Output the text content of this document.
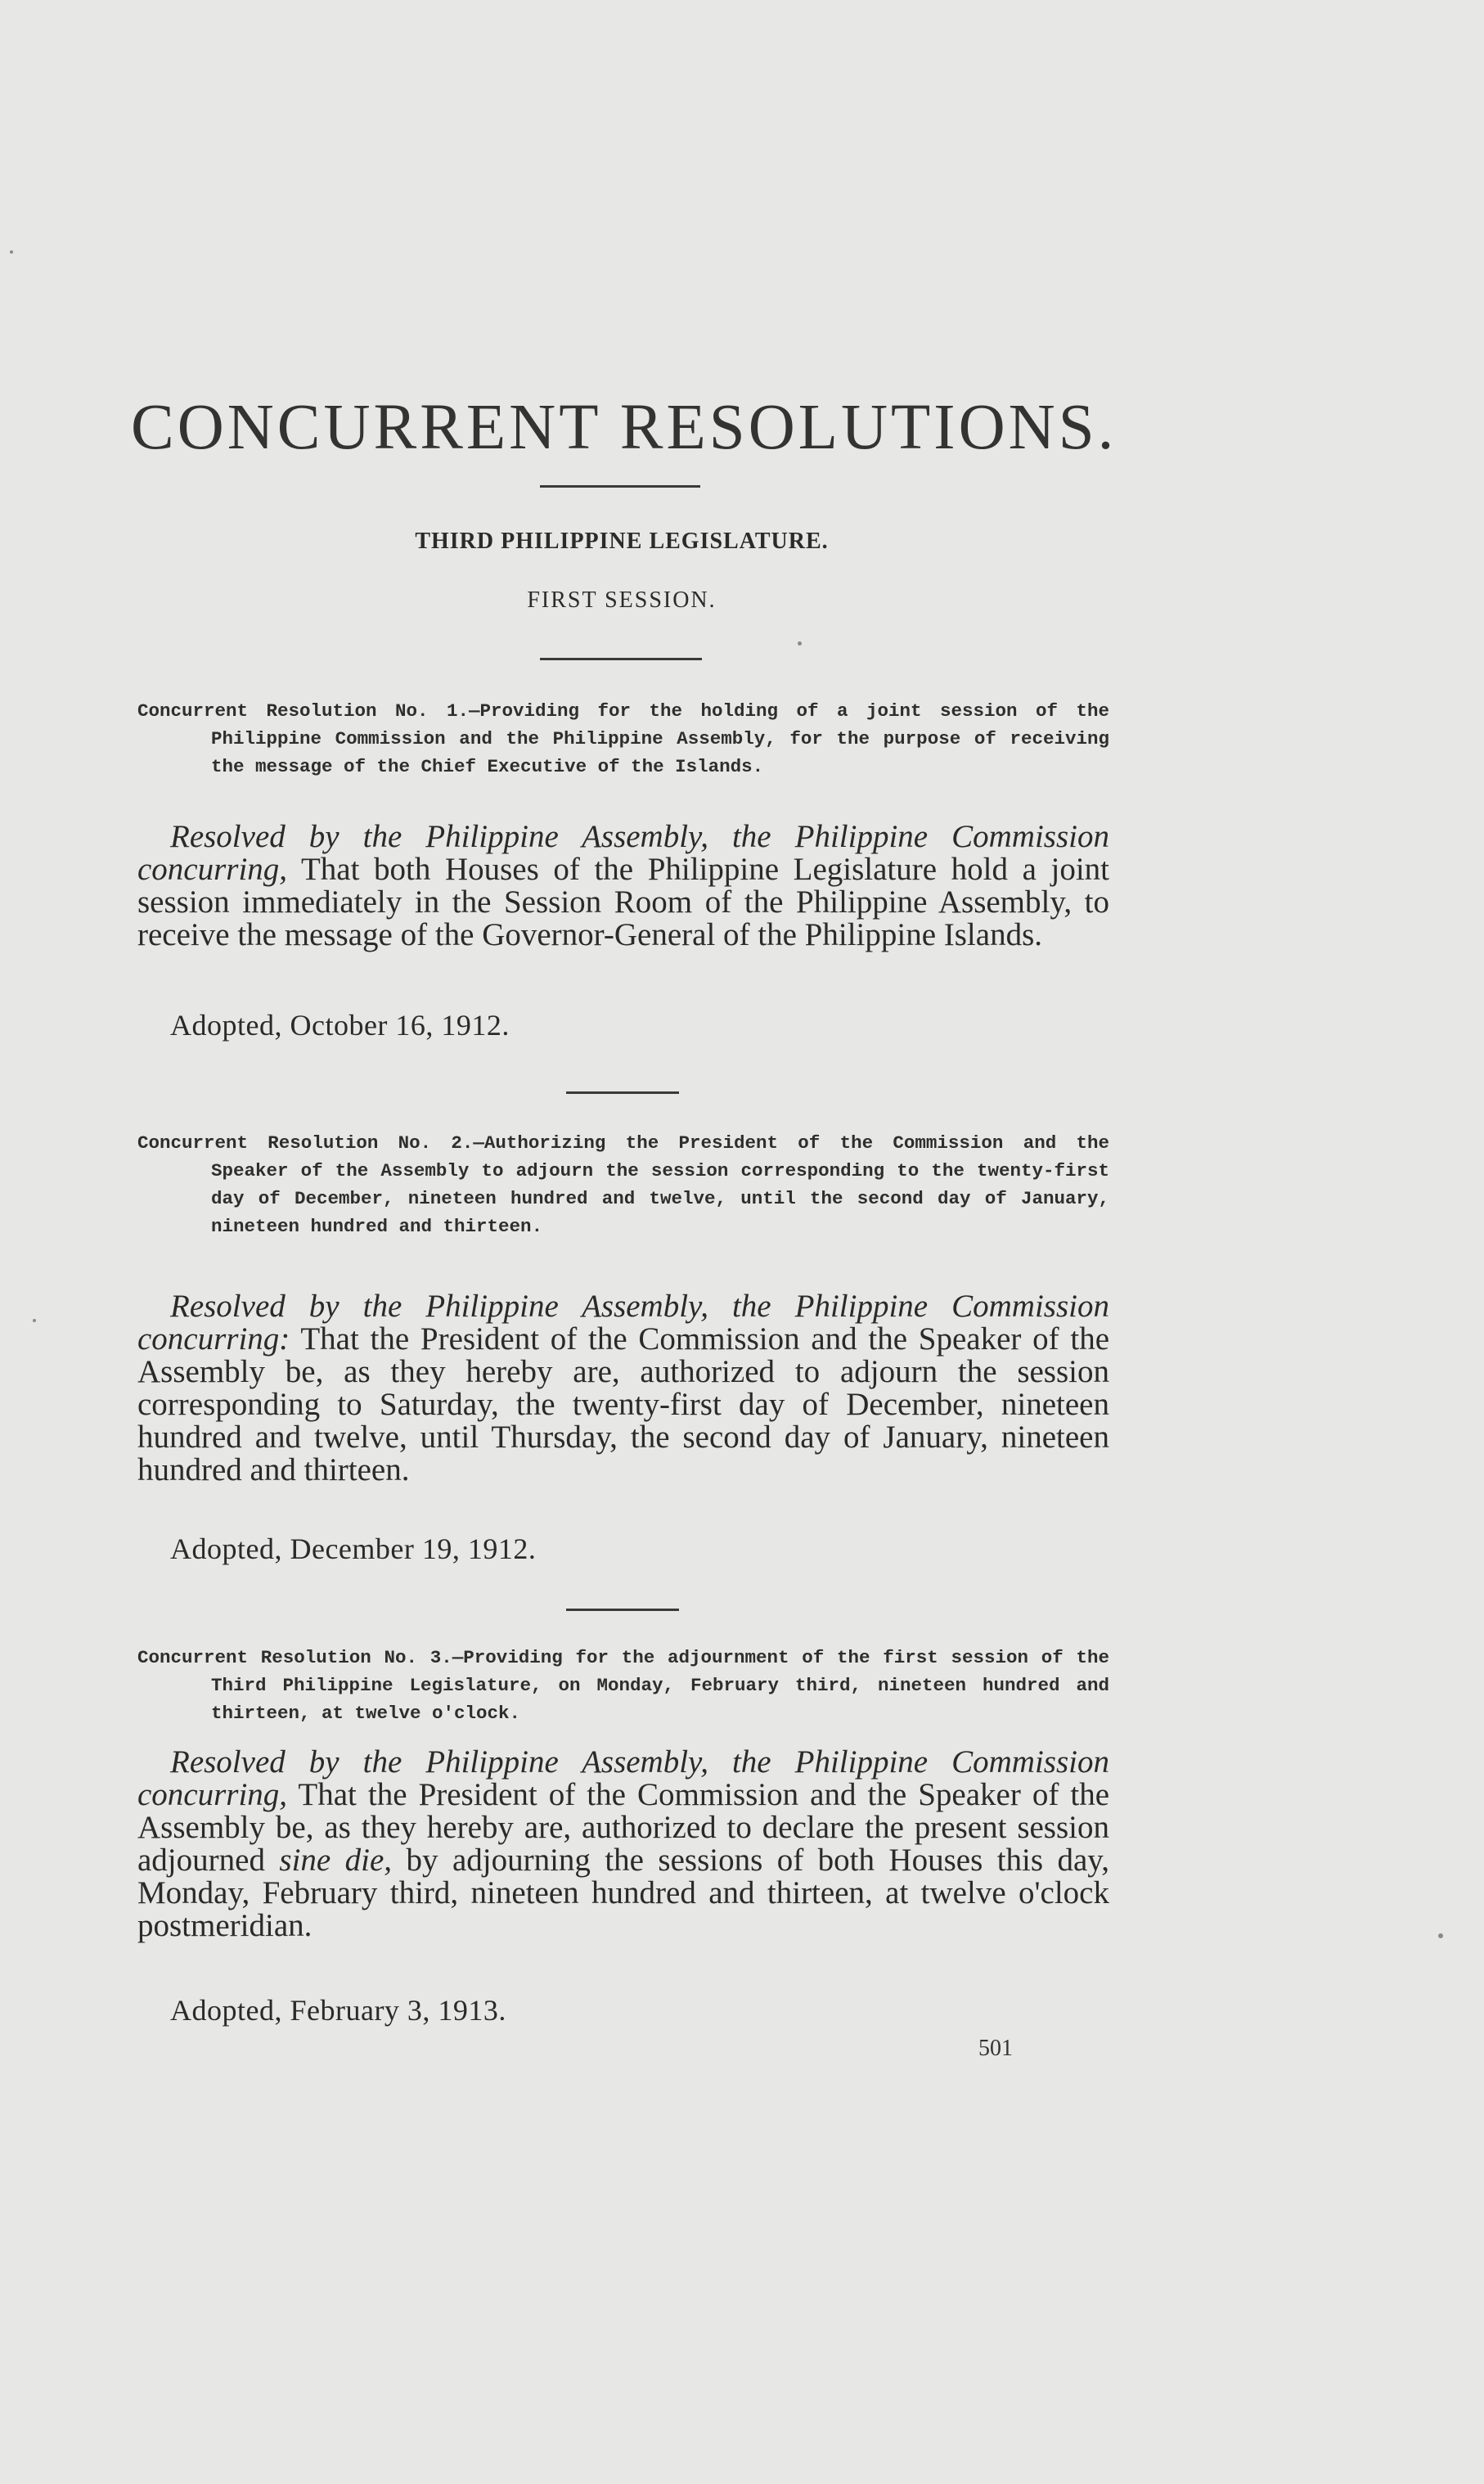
CONCURRENT RESOLUTIONS.

THIRD PHILIPPINE LEGISLATURE.

FIRST SESSION.

Concurrent Resolution No. 1.—Providing for the holding of a joint session of the Philippine Commission and the Philippine Assembly, for the purpose of receiving the message of the Chief Executive of the Islands.

Resolved by the Philippine Assembly, the Philippine Commission concurring, That both Houses of the Philippine Legislature hold a joint session immediately in the Session Room of the Philippine Assembly, to receive the message of the Governor-General of the Philippine Islands.

Adopted, October 16, 1912.

Concurrent Resolution No. 2.—Authorizing the President of the Commission and the Speaker of the Assembly to adjourn the session corresponding to the twenty-first day of December, nineteen hundred and twelve, until the second day of January, nineteen hundred and thirteen.

Resolved by the Philippine Assembly, the Philippine Commission concurring: That the President of the Commission and the Speaker of the Assembly be, as they hereby are, authorized to adjourn the session corresponding to Saturday, the twenty-first day of December, nineteen hundred and twelve, until Thursday, the second day of January, nineteen hundred and thirteen.

Adopted, December 19, 1912.

Concurrent Resolution No. 3.—Providing for the adjournment of the first session of the Third Philippine Legislature, on Monday, February third, nineteen hundred and thirteen, at twelve o'clock.

Resolved by the Philippine Assembly, the Philippine Commission concurring, That the President of the Commission and the Speaker of the Assembly be, as they hereby are, authorized to declare the present session adjourned sine die, by adjourning the sessions of both Houses this day, Monday, February third, nineteen hundred and thirteen, at twelve o'clock postmeridian.

Adopted, February 3, 1913.

501
